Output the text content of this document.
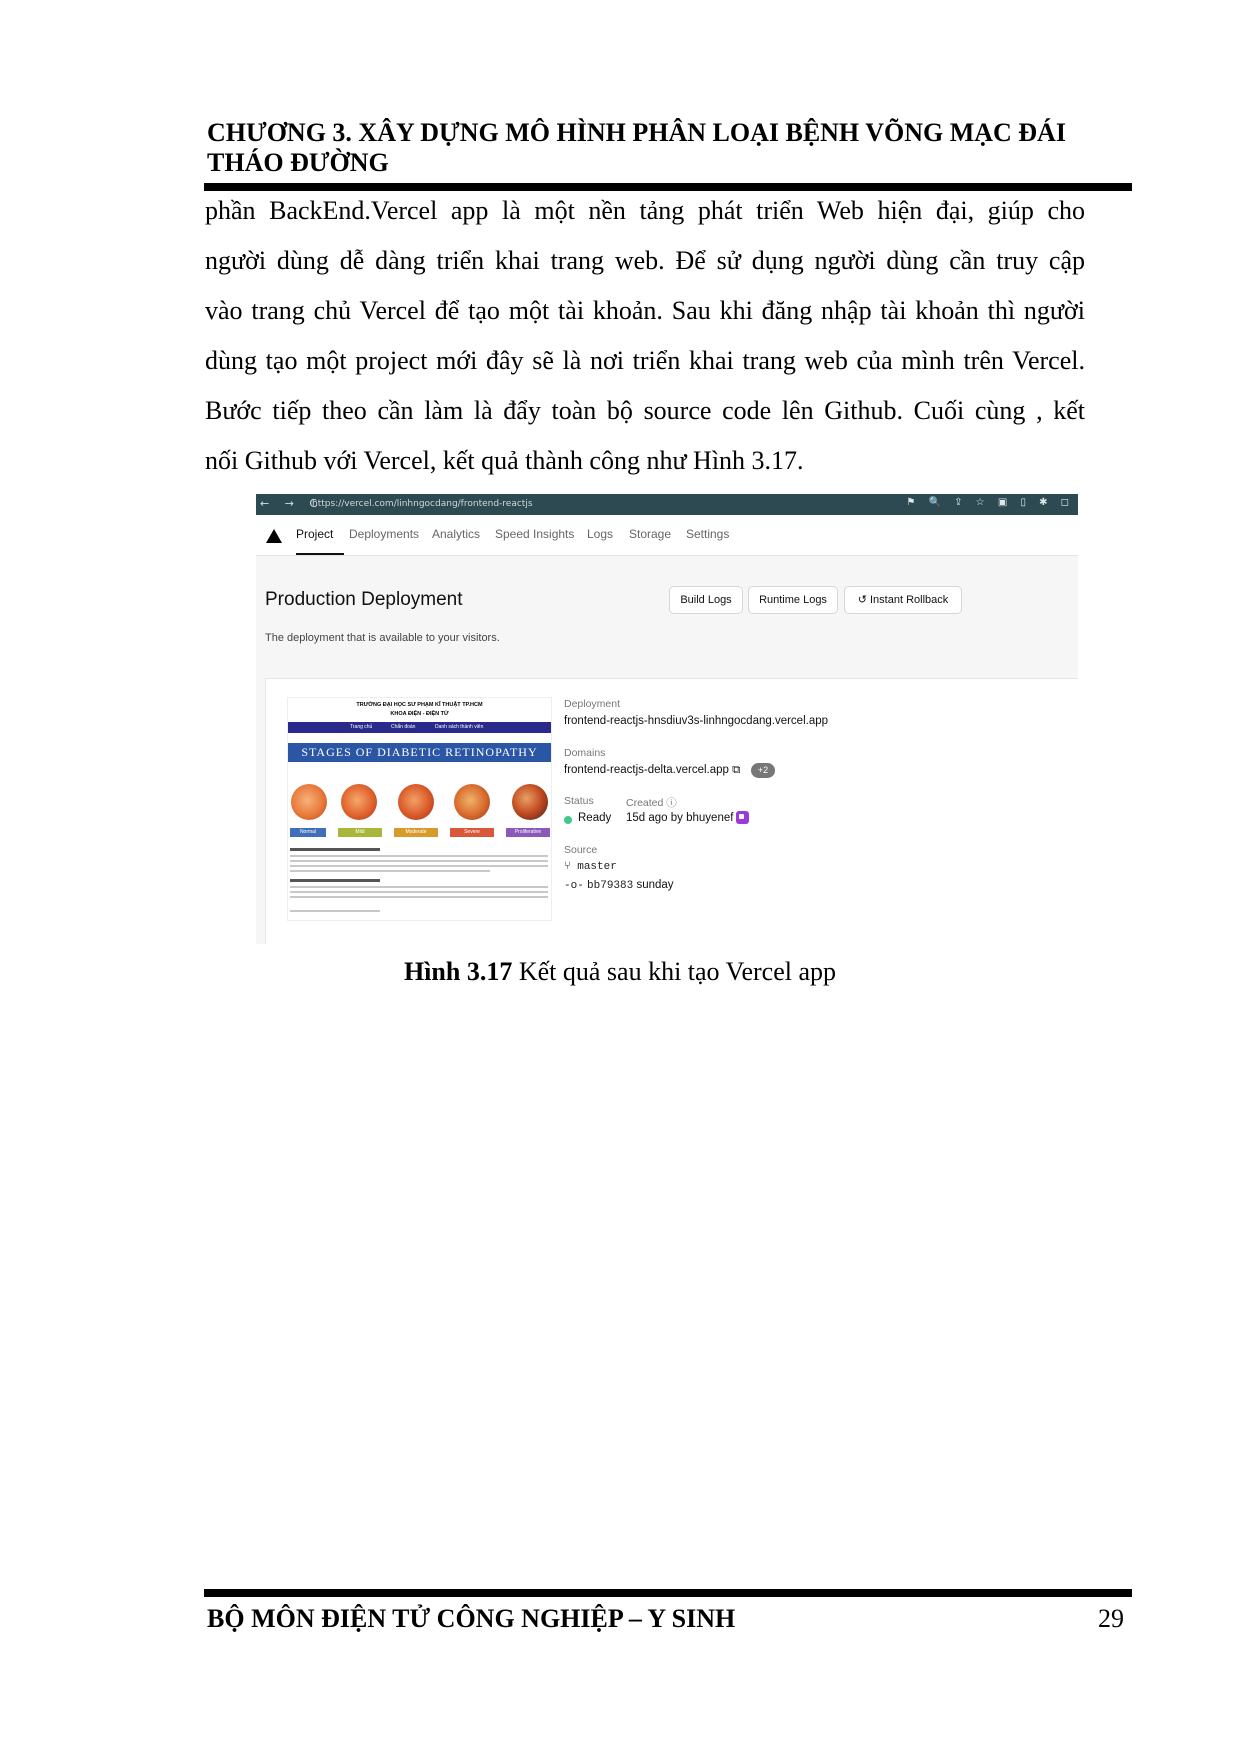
CHƯƠNG 3. XÂY DỰNG MÔ HÌNH PHÂN LOẠI BỆNH VÕNG MẠC ĐÁI
THÁO ĐƯỜNG
phần BackEnd.Vercel app là một nền tảng phát triển Web hiện đại, giúp cho
người dùng dễ dàng triển khai trang web. Để sử dụng người dùng cần truy cập
vào trang chủ Vercel để tạo một tài khoản. Sau khi đăng nhập tài khoản thì người
dùng tạo một project mới đây sẽ là nơi triển khai trang web của mình trên Vercel.
Bước tiếp theo cần làm là đẩy toàn bộ source code lên Github. Cuối cùng , kết
nối Github với Vercel, kết quả thành công như Hình 3.17.
← → C
https://vercel.com/linhngocdang/frontend-reactjs	⚑ 🔍 ⇪ ☆ ▣ ▯ ✱ ◻
Project Deployments Analytics Speed Insights Logs Storage Settings
Production Deployment
The deployment that is available to your visitors.
Build Logs	Runtime Logs	↺ Instant Rollback
TRƯỜNG ĐẠI HỌC SƯ PHẠM KĨ THUẬT TP.HCM
KHOA ĐIỆN - ĐIỆN TỬ
Trang chủ	Chẩn đoán	Danh sách thành viên
STAGES OF DIABETIC RETINOPATHY
Normal	Mild	Moderate	Severe	Proliferative
Deployment
frontend-reactjs-hnsdiuv3s-linhngocdang.vercel.app
Domains
frontend-reactjs-delta.vercel.app ⧉	+2
Status
Ready
Created ⓘ
15d ago by bhuyenef
Source
⑂ master
-o- bb79383 sunday
Hình 3.17 Kết quả sau khi tạo Vercel app
BỘ MÔN ĐIỆN TỬ CÔNG NGHIỆP – Y SINH	29
